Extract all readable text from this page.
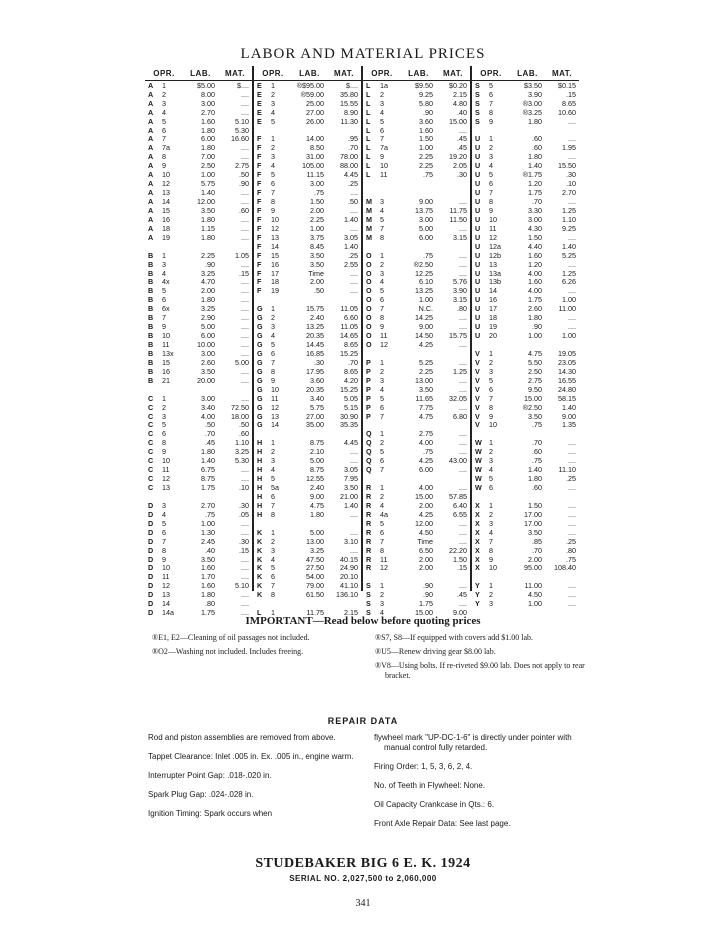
LABOR AND MATERIAL PRICES
OPR.	LAB.	MAT.
A 1	$5.00	$....
A 2	8.00	....
A 3	3.00	....
A 4	2.70	....
A 5	1.60	5.10
A 6	1.80	5.30
A 7	6.00	16.60
A 7a	1.80	....
A 8	7.00	....
A 9	2.50	2.75
A 10	1.00	.50
A 12	5.75	.90
A 13	1.40	....
A 14	12.00	....
A 15	3.50	.60
A 16	1.80	....
A 18	1.15	....
A 19	1.80	....
B 1	2.25	1.05
B 3	.90	....
B 4	3.25	.15
B 4x	4.70	....
B 5	2.00	....
B 6	1.80	....
B 6x	3.25	....
B 7	2.90	....
B 9	5.00	....
B 10	6.00	....
B 11	10.00	....
B 13x	3.00	....
B 15	2.60	5.00
B 16	3.50	....
B 21	20.00	....
C 1	3.00	....
C 2	3.40	72.50
C 3	4.00	18.00
C 5	.50	.50
C 6	.70	.60
C 8	.45	1.10
C 9	1.80	3.25
C 10	1.40	5.30
C 11	6.75	....
C 12	8.75	....
C 13	1.75	.10
D 3	2.70	.30
D 4	.75	.05
D 5	1.00	....
D 6	1.30	....
D 7	2.45	.30
D 8	.40	.15
D 9	3.50	....
D 10	1.60	....
D 11	1.70	....
D 12	1.60	5.10
D 13	1.80	....
D 14	.80	....
D 14a	1.75	....
OPR.	LAB.	MAT.
E 1	®$95.00	$....
E 2	®59.00	35.80
E 3	25.00	15.55
E 4	27.00	8.90
E 5	26.00	11.30
F 1	14.00	.95
F 2	8.50	.70
F 3	31.00	78.00
F 4	105.00	88.00
F 5	11.15	4.45
F 6	3.00	.25
F 7	.75	....
F 8	1.50	.50
F 9	2.00	....
F 10	2.25	1.40
F 12	1.00	....
F 13	3.75	3.05
F 14	8.45	1.40
F 15	3.50	.25
F 16	3.50	2.55
F 17	Time	....
F 18	2.00	....
F 19	.50	....
G 1	15.75	11.05
G 2	2.40	6.60
G 3	13.25	11.05
G 4	20.35	14.65
G 5	14.45	8.65
G 6	16.85	15.25
G 7	.30	.70
G 8	17.95	8.65
G 9	3.60	4.20
G 10	20.35	15.25
G 11	3.40	5.05
G 12	5.75	5.15
G 13	27.00	30.90
G 14	35.00	35.35
H 1	8.75	4.45
H 2	2.10	....
H 3	5.00	....
H 4	8.75	3.05
H 5	12.55	7.95
H 5a	2.40	3.50
H 6	9.00	21.00
H 7	4.75	1.40
H 8	1.80	....
K 1	5.00	....
K 2	13.00	3.10
K 3	3.25	....
K 4	47.50	40.15
K 5	27.50	24.90
K 6	54.00	20.10
K 7	79.00	41.10
K 8	61.50	136.10
L 1	11.75	2.15
OPR.	LAB.	MAT.
L 1a	$9.50	$0.20
L 2	9.25	2.15
L 3	5.80	4.80
L 4	.90	.40
L 5	3.60	15.00
L 6	1.60	....
L 7	1.50	.45
L 7a	1.00	.45
L 9	2.25	19.20
L 10	2.25	2.05
L 11	.75	.30
M 3	9.00	....
M 4	13.75	11.75
M 5	3.00	11.50
M 7	5.00	....
M 8	6.00	3.15
O 1	.75	....
O 2	®2.50	....
O 3	12.25	....
O 4	6.10	5.76
O 5	13.25	3.90
O 6	1.00	3.15
O 7	N.C.	.80
O 8	14.25	....
O 9	9.00	....
O 11	14.50	15.75
O 12	4.25	....
P 1	5.25	....
P 2	2.25	1.25
P 3	13.00	....
P 4	3.50	....
P 5	11.65	32.05
P 6	7.75	....
P 7	4.75	6.80
Q 1	2.75	....
Q 2	4.00	....
Q 5	.75	....
Q 6	4.25	43.00
Q 7	6.00	....
R 1	4.00	....
R 2	15.00	57.85
R 4	2.00	6.40
R 4a	4.25	6.55
R 5	12.00	....
R 6	4.50	....
R 7	Time	....
R 8	6.50	22.20
R 11	2.00	1.50
R 12	2.00	.15
S 1	.90	....
S 2	.90	.45
S 3	1.75	....
S 4	15.00	9.00
OPR.	LAB.	MAT.
S 5	$3.50	$0.15
S 6	3.90	.15
S 7	®3.00	8.65
S 8	®3.25	10.60
S 9	1.80	....
U 1	.60	....
U 2	.60	1.95
U 3	1.80	....
U 4	1.40	15.50
U 5	®1.75	.30
U 6	1.20	.10
U 7	1.75	2.70
U 8	.70	....
U 9	3.30	1.25
U 10	3.00	1.10
U 11	4.30	9.25
U 12	1.50	....
U 12a	4.40	1.40
U 12b	1.60	5.25
U 13	1.20	....
U 13a	4.00	1.25
U 13b	1.60	6.26
U 14	4.00	....
U 16	1.75	1.00
U 17	2.60	11.00
U 18	1.80	....
U 19	.90	....
U 20	1.00	1.00
V 1	4.75	19.05
V 2	5.50	23.05
V 3	2.50	14.30
V 5	2.75	16.55
V 6	9.50	24.80
V 7	15.00	58.15
V 8	®2.50	1.40
V 9	3.50	9.00
V 10	.75	1.35
W 1	.70	....
W 2	.60	....
W 3	.75	....
W 4	1.40	11.10
W 5	1.80	.25
W 6	.60	....
X 1	1.50	....
X 2	17.00	....
X 3	17.00	....
X 4	3.50	....
X 7	.85	.25
X 8	.70	.80
X 9	2.00	.75
X 10	95.00	108.40
Y 1	11.00	....
Y 2	4.50	....
Y 3	1.00	....
IMPORTANT—Read below before quoting prices
®E1, E2—Cleaning of oil passages not included.
®O2—Washing not included. Includes freeing.
®S7, S8—If equipped with covers add $1.00 lab.
®U5—Renew driving gear $8.00 lab.
®V8—Using bolts. If re-riveted $9.00 lab. Does not apply to rear bracket.
REPAIR DATA
Rod and piston assemblies are removed from above.
Tappet Clearance: Inlet .005 in. Ex. .005 in., engine warm.
Interrupter Point Gap: .018-.020 in.
Spark Plug Gap: .024-.028 in.
Ignition Timing: Spark occurs when
flywheel mark "UP-DC-1-6" is directly under pointer with manual control fully retarded.
Firing Order: 1, 5, 3, 6, 2, 4.
No. of Teeth in Flywheel: None.
Oil Capacity Crankcase in Qts.: 6.
Front Axle Repair Data: See last page.
STUDEBAKER BIG 6 E. K. 1924
SERIAL NO. 2,027,500 to 2,060,000
341
